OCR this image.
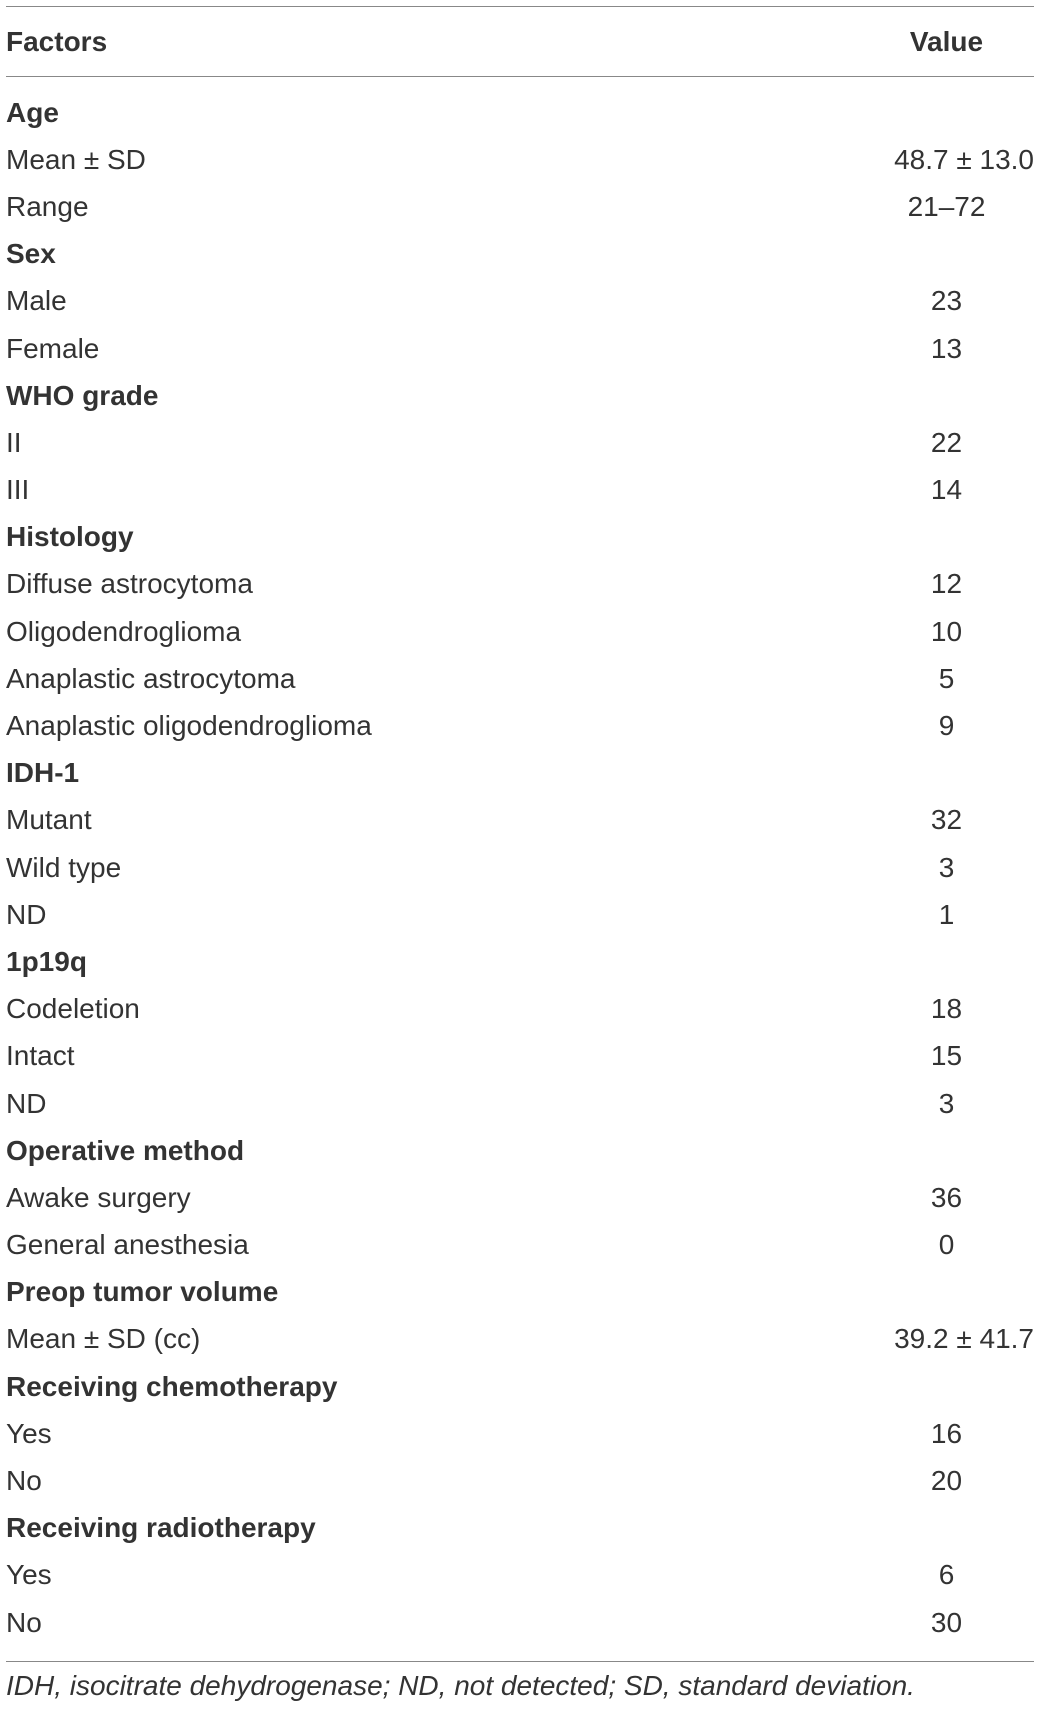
Factors	Value
Age
Mean ± SD	48.7 ± 13.0
Range	21–72
Sex
Male	23
Female	13
WHO grade
II	22
III	14
Histology
Diffuse astrocytoma	12
Oligodendroglioma	10
Anaplastic astrocytoma	5
Anaplastic oligodendroglioma	9
IDH-1
Mutant	32
Wild type	3
ND	1
1p19q
Codeletion	18
Intact	15
ND	3
Operative method
Awake surgery	36
General anesthesia	0
Preop tumor volume
Mean ± SD (cc)	39.2 ± 41.7
Receiving chemotherapy
Yes	16
No	20
Receiving radiotherapy
Yes	6
No	30
IDH, isocitrate dehydrogenase; ND, not detected; SD, standard deviation.
